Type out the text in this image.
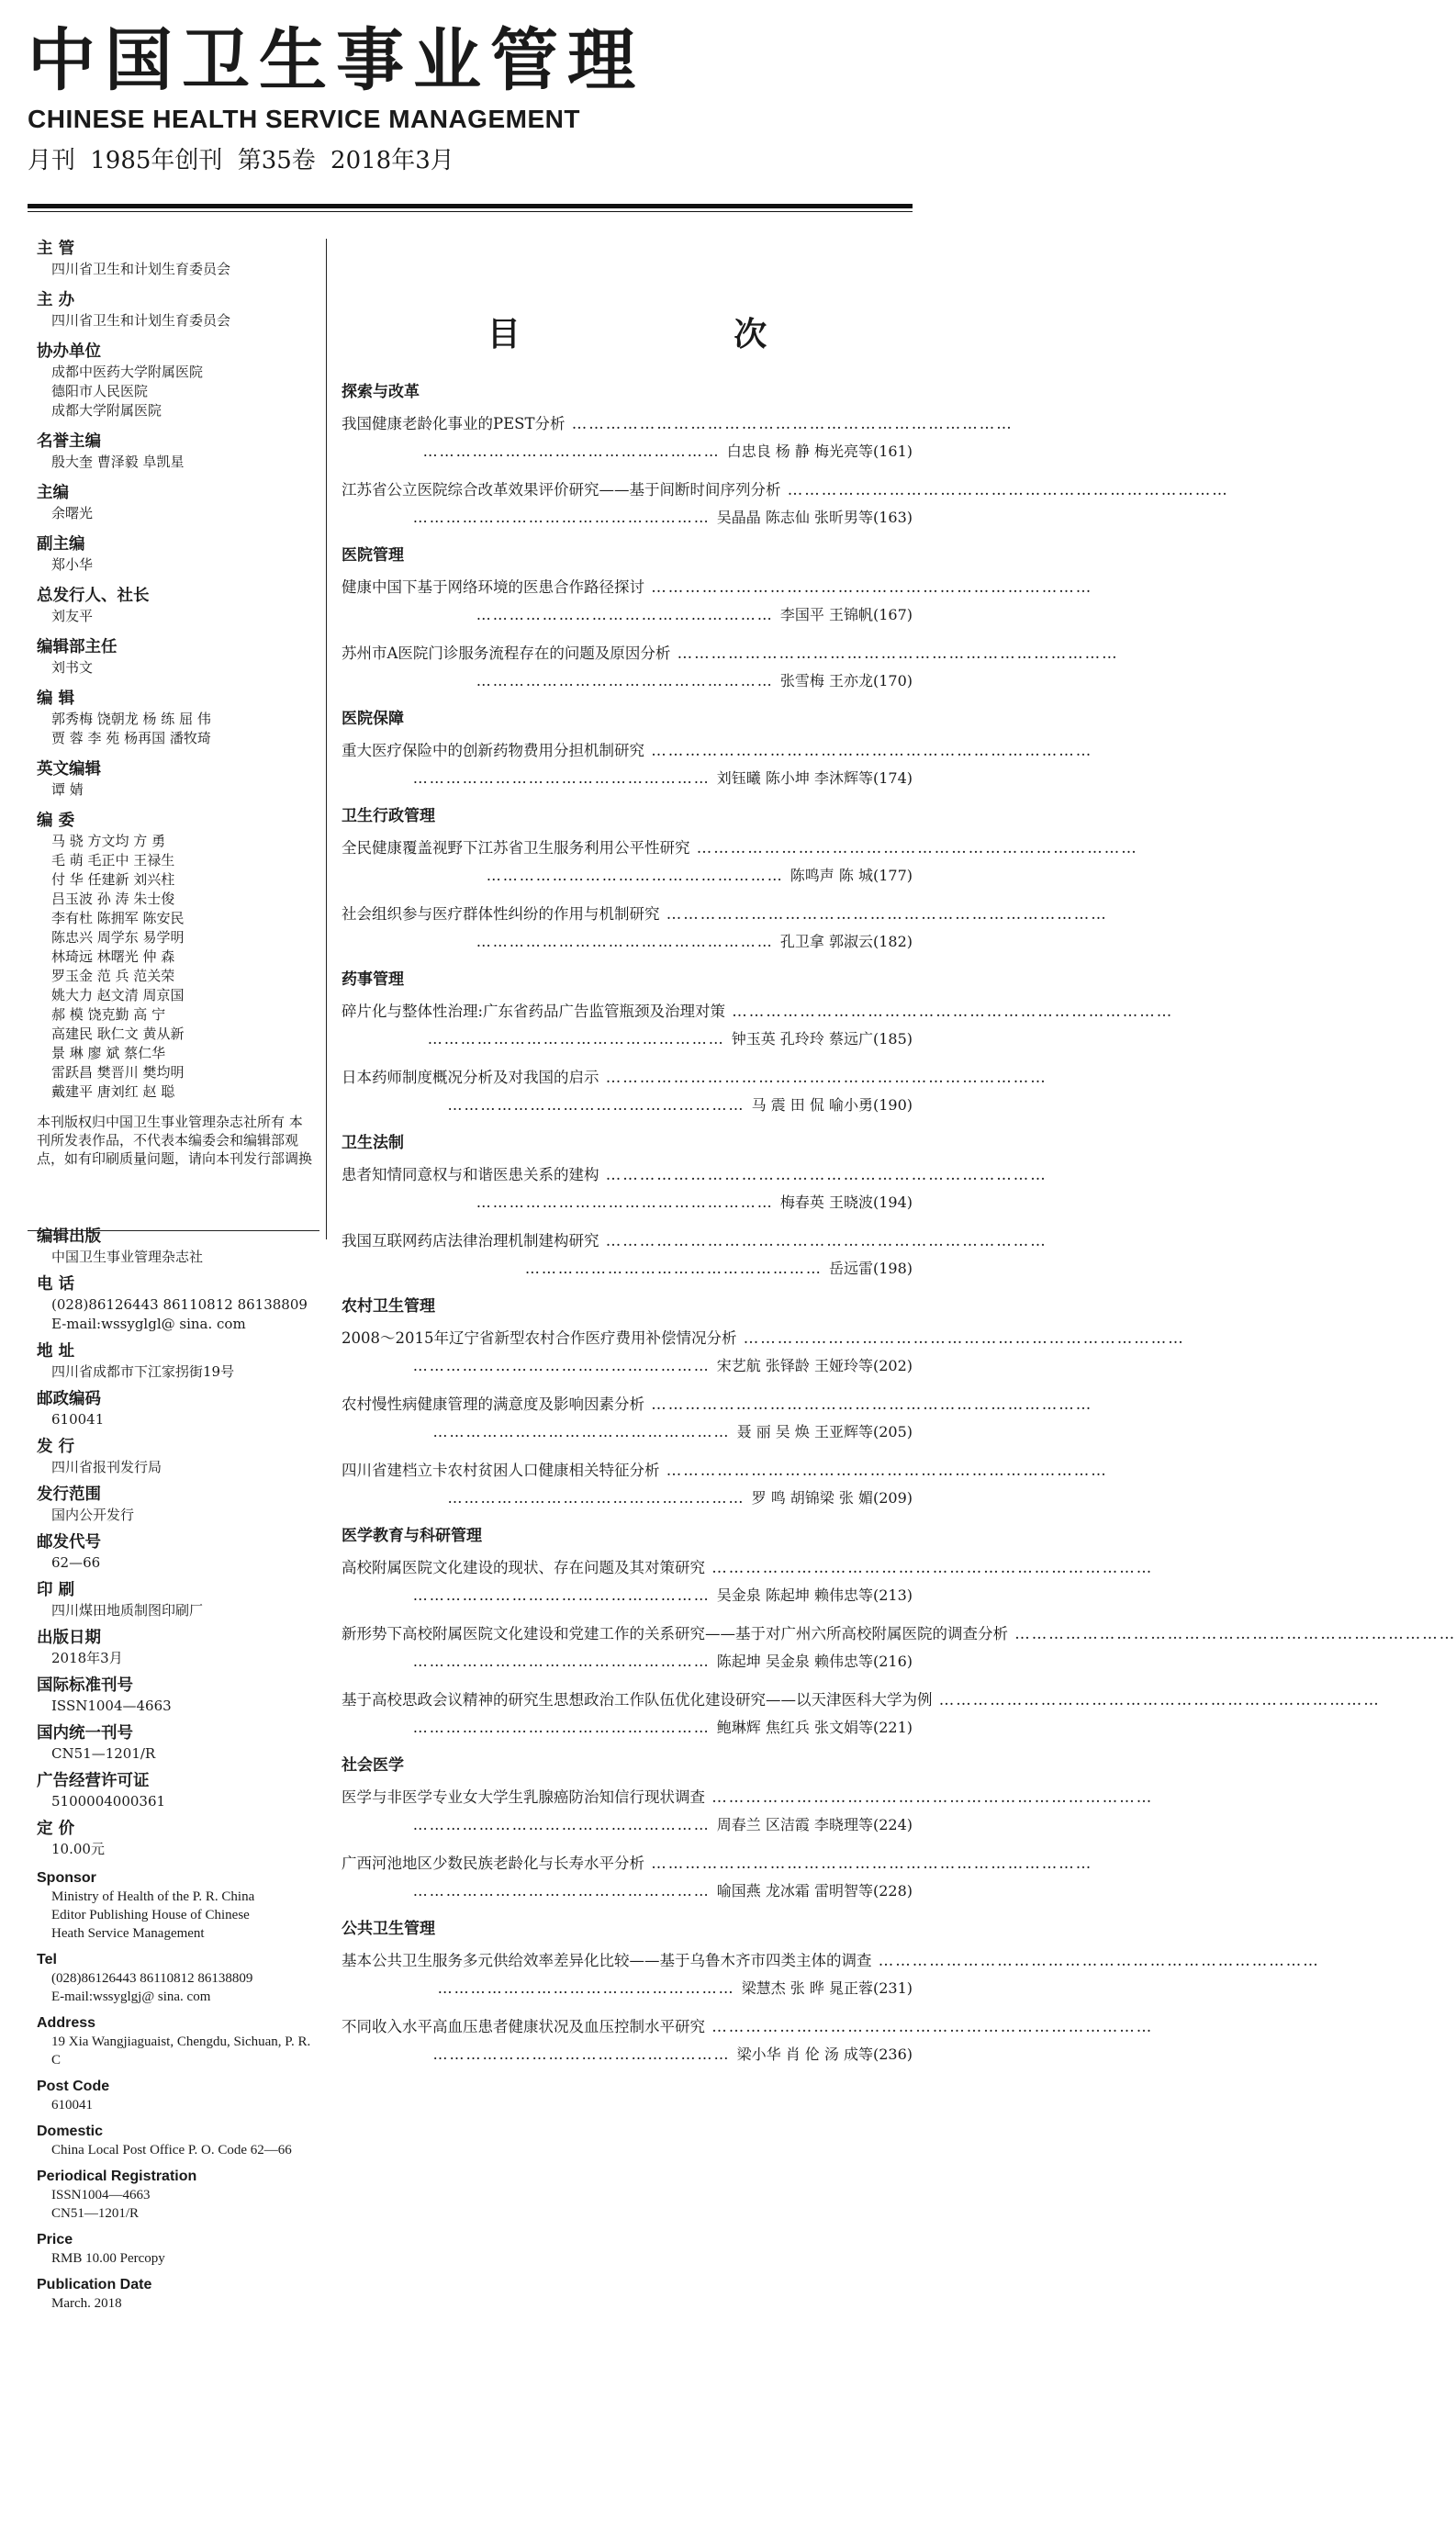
中国卫生事业管理
CHINESE HEALTH SERVICE MANAGEMENT
月刊 1985年创刊 第35卷 2018年3月
主 管
四川省卫生和计划生育委员会
主 办
四川省卫生和计划生育委员会
协办单位
成都中医药大学附属医院
德阳市人民医院
成都大学附属医院
名誉主编
殷大奎 曹泽毅 阜凯星
主编
余曙光
副主编
郑小华
总发行人、社长
刘友平
编辑部主任
刘书文
编 辑
郭秀梅 饶朝龙 杨 练 屈 伟
贾 蓉 李 苑 杨再国 潘牧琦
英文编辑
谭 婧
编 委
马 骁 方文均 方 勇
毛 萌 毛正中 王禄生
付 华 任建新 刘兴柱
吕玉波 孙 涛 朱士俊
李有杜 陈拥军 陈安民
陈忠兴 周学东 易学明
林琦远 林曙光 仲 森
罗玉金 范 兵 范关荣
姚大力 赵文清 周京国
郝 模 饶克勤 高 宁
高建民 耿仁文 黄从新
景 琳 廖 斌 蔡仁华
雷跃昌 樊晋川 樊均明
戴建平 唐刘红 赵 聪
本刊版权归中国卫生事业管理杂志社所有 本刊所发表作品，不代表本编委会和编辑部观点，如有印刷质量问题，请向本刊发行部调换
编辑出版
中国卫生事业管理杂志社
电 话
(028)86126443 86110812 86138809
E-mail:wssyglgl@ sina. com
地 址
四川省成都市下江家拐街19号
邮政编码
610041
发 行
四川省报刊发行局
发行范围
国内公开发行
邮发代号
62—66
印 刷
四川煤田地质制图印刷厂
出版日期
2018年3月
国际标准刊号
ISSN1004—4663
国内统一刊号
CN51—1201/R
广告经营许可证
5100004000361
定 价
10.00元
Sponsor
Ministry of Health of the P. R. China
Editor Publishing House of Chinese
Heath Service Management
Tel
(028)86126443 86110812 86138809
E-mail:wssyglgj@ sina. com
Address
19 Xia Wangjiaguaist, Chengdu, Sichuan, P. R. C
Post Code
610041
Domestic
China Local Post Office P. O. Code 62—66
Periodical Registration
ISSN1004—4663
CN51—1201/R
Price
RMB 10.00 Percopy
Publication Date
March. 2018
目 次
探索与改革
我国健康老龄化事业的PEST分析 ……………………………………………………………………
……………………………………………… 白忠良 杨 静 梅光亮等(161)
江苏省公立医院综合改革效果评价研究——基于间断时间序列分析 ……………………………………………………………………
……………………………………………… 吴晶晶 陈志仙 张昕男等(163)
医院管理
健康中国下基于网络环境的医患合作路径探讨 ……………………………………………………………………
……………………………………………… 李国平 王锦帆(167)
苏州市A医院门诊服务流程存在的问题及原因分析 ……………………………………………………………………
……………………………………………… 张雪梅 王亦龙(170)
医院保障
重大医疗保险中的创新药物费用分担机制研究 ……………………………………………………………………
……………………………………………… 刘钰曦 陈小坤 李沐辉等(174)
卫生行政管理
全民健康覆盖视野下江苏省卫生服务利用公平性研究 ……………………………………………………………………
……………………………………………… 陈鸣声 陈 城(177)
社会组织参与医疗群体性纠纷的作用与机制研究 ……………………………………………………………………
……………………………………………… 孔卫拿 郭淑云(182)
药事管理
碎片化与整体性治理:广东省药品广告监管瓶颈及治理对策 ……………………………………………………………………
……………………………………………… 钟玉英 孔玲玲 蔡远广(185)
日本药师制度概况分析及对我国的启示 ……………………………………………………………………
……………………………………………… 马 震 田 侃 喻小勇(190)
卫生法制
患者知情同意权与和谐医患关系的建构 ……………………………………………………………………
……………………………………………… 梅春英 王晓波(194)
我国互联网药店法律治理机制建构研究 ……………………………………………………………………
……………………………………………… 岳远雷(198)
农村卫生管理
2008～2015年辽宁省新型农村合作医疗费用补偿情况分析 ……………………………………………………………………
……………………………………………… 宋艺航 张铎龄 王娅玲等(202)
农村慢性病健康管理的满意度及影响因素分析 ……………………………………………………………………
……………………………………………… 聂 丽 吴 焕 王亚辉等(205)
四川省建档立卡农村贫困人口健康相关特征分析 ……………………………………………………………………
……………………………………………… 罗 鸣 胡锦梁 张 媚(209)
医学教育与科研管理
高校附属医院文化建设的现状、存在问题及其对策研究 ……………………………………………………………………
……………………………………………… 吴金泉 陈起坤 赖伟忠等(213)
新形势下高校附属医院文化建设和党建工作的关系研究——基于对广州六所高校附属医院的调查分析 ……………………………………………………………………
……………………………………………… 陈起坤 吴金泉 赖伟忠等(216)
基于高校思政会议精神的研究生思想政治工作队伍优化建设研究——以天津医科大学为例 ……………………………………………………………………
……………………………………………… 鲍琳辉 焦红兵 张文娟等(221)
社会医学
医学与非医学专业女大学生乳腺癌防治知信行现状调查 ……………………………………………………………………
……………………………………………… 周春兰 区洁霞 李晓理等(224)
广西河池地区少数民族老龄化与长寿水平分析 ……………………………………………………………………
……………………………………………… 喻国燕 龙冰霜 雷明智等(228)
公共卫生管理
基本公共卫生服务多元供给效率差异化比较——基于乌鲁木齐市四类主体的调查 ……………………………………………………………………
……………………………………………… 梁慧杰 张 晔 晁正蓉(231)
不同收入水平高血压患者健康状况及血压控制水平研究 ……………………………………………………………………
……………………………………………… 梁小华 肖 伦 汤 成等(236)
